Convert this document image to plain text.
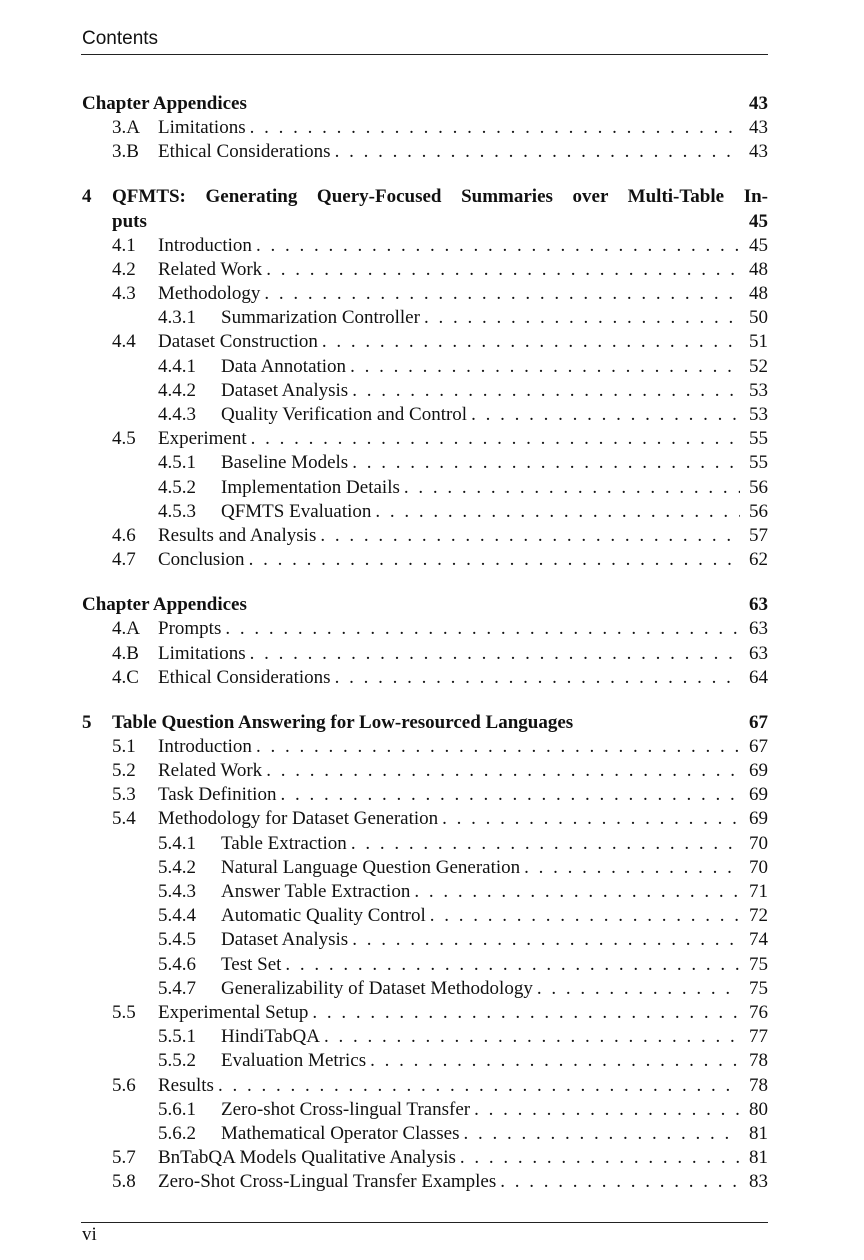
Contents
Chapter Appendices	43
3.A Limitations . . .	43
3.B	Ethical Considerations . . .	43
4	QFMTS: Generating Query-Focused Summaries over Multi-Table In-
puts	45
4.1	Introduction . . .	45
4.2	Related Work . . .	48
4.3	Methodology . . .	48
4.3.1	Summarization Controller . . .	50
4.4	Dataset Construction . . .	51
4.4.1	Data Annotation . . .	52
4.4.2	Dataset Analysis . . .	53
4.4.3	Quality Verification and Control . . .	53
4.5	Experiment . . .	55
4.5.1	Baseline Models . . .	55
4.5.2	Implementation Details . . .	56
4.5.3	QFMTS Evaluation . . .	56
4.6	Results and Analysis . . .	57
4.7	Conclusion . . .	62
Chapter Appendices	63
4.A Prompts . . .	63
4.B	Limitations . . .	63
4.C	Ethical Considerations . . .	64
5	Table Question Answering for Low-resourced Languages	67
5.1	Introduction . . .	67
5.2	Related Work . . .	69
5.3	Task Definition . . .	69
5.4	Methodology for Dataset Generation . . .	69
5.4.1	Table Extraction . . .	70
5.4.2	Natural Language Question Generation . . .	70
5.4.3	Answer Table Extraction . . .	71
5.4.4	Automatic Quality Control . . .	72
5.4.5	Dataset Analysis . . .	74
5.4.6	Test Set . . .	75
5.4.7	Generalizability of Dataset Methodology . . .	75
5.5	Experimental Setup . . .	76
5.5.1	HindiTabQA . . .	77
5.5.2	Evaluation Metrics . . .	78
5.6	Results . . .	78
5.6.1	Zero-shot Cross-lingual Transfer . . .	80
5.6.2	Mathematical Operator Classes . . .	81
5.7	BnTabQA Models Qualitative Analysis . . .	81
5.8	Zero-Shot Cross-Lingual Transfer Examples . . .	83
vi
